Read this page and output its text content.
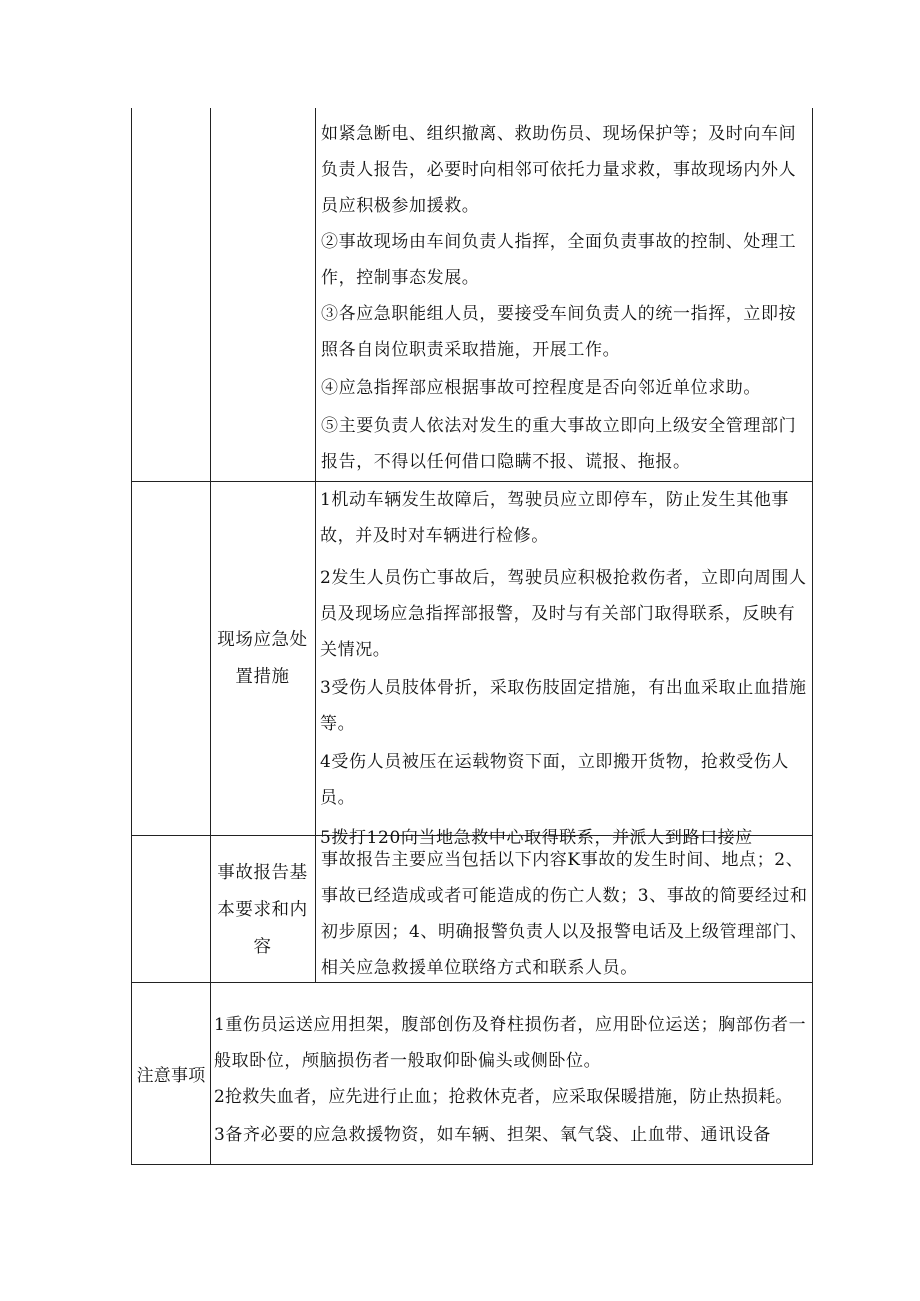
如紧急断电、组织撤离、救助伤员、现场保护等；及时向车间负责人报告，必要时向相邻可依托力量求救，事故现场内外人员应积极参加援救。

②事故现场由车间负责人指挥，全面负责事故的控制、处理工作，控制事态发展。

③各应急职能组人员，要接受车间负责人的统一指挥，立即按照各自岗位职责采取措施，开展工作。

④应急指挥部应根据事故可控程度是否向邻近单位求助。

⑤主要负责人依法对发生的重大事故立即向上级安全管理部门报告，不得以任何借口隐瞒不报、谎报、拖报。

现场应急处置措施

1机动车辆发生故障后，驾驶员应立即停车，防止发生其他事故，并及时对车辆进行检修。

2发生人员伤亡事故后，驾驶员应积极抢救伤者，立即向周围人员及现场应急指挥部报警，及时与有关部门取得联系，反映有关情况。

3受伤人员肢体骨折，采取伤肢固定措施，有出血采取止血措施等。

4受伤人员被压在运载物资下面，立即搬开货物，抢救受伤人员。

5拨打120向当地急救中心取得联系，并派人到路口接应

事故报告基本要求和内容

事故报告主要应当包括以下内容K事故的发生时间、地点；2、事故已经造成或者可能造成的伤亡人数；3、事故的简要经过和初步原因；4、明确报警负责人以及报警电话及上级管理部门、相关应急救援单位联络方式和联系人员。

注意事项

1重伤员运送应用担架，腹部创伤及脊柱损伤者，应用卧位运送；胸部伤者一般取卧位，颅脑损伤者一般取仰卧偏头或侧卧位。

2抢救失血者，应先进行止血；抢救休克者，应采取保暖措施，防止热损耗。

3备齐必要的应急救援物资，如车辆、担架、氧气袋、止血带、通讯设备
